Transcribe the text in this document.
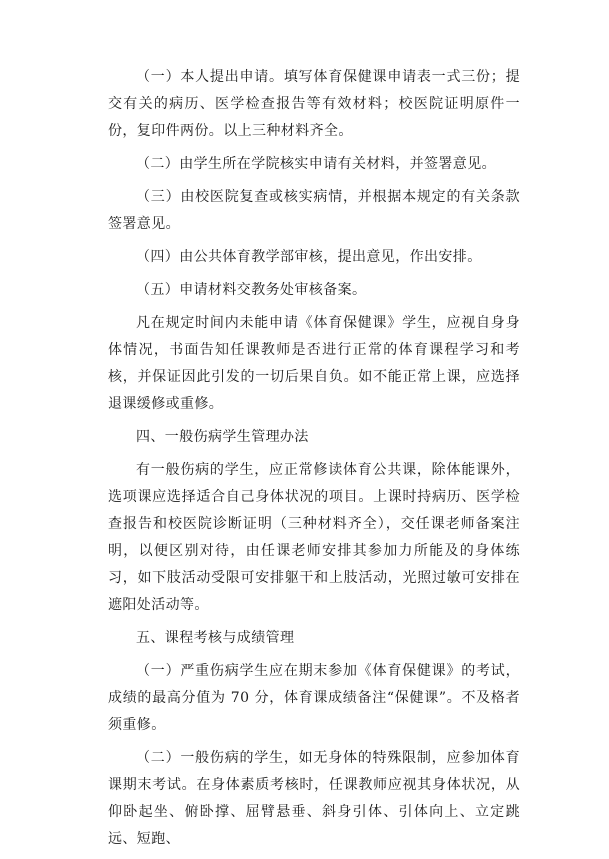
（一）本人提出申请。填写体育保健课申请表一式三份；提交有关的病历、医学检查报告等有效材料；校医院证明原件一份，复印件两份。以上三种材料齐全。

（二）由学生所在学院核实申请有关材料，并签署意见。

（三）由校医院复查或核实病情，并根据本规定的有关条款签署意见。

（四）由公共体育教学部审核，提出意见，作出安排。

（五）申请材料交教务处审核备案。

凡在规定时间内未能申请《体育保健课》学生，应视自身身体情况，书面告知任课教师是否进行正常的体育课程学习和考核，并保证因此引发的一切后果自负。如不能正常上课，应选择退课缓修或重修。

四、一般伤病学生管理办法

有一般伤病的学生，应正常修读体育公共课，除体能课外，选项课应选择适合自己身体状况的项目。上课时持病历、医学检查报告和校医院诊断证明（三种材料齐全），交任课老师备案注明，以便区别对待，由任课老师安排其参加力所能及的身体练习，如下肢活动受限可安排躯干和上肢活动，光照过敏可安排在遮阳处活动等。

五、课程考核与成绩管理

（一）严重伤病学生应在期末参加《体育保健课》的考试，成绩的最高分值为 70 分，体育课成绩备注“保健课”。不及格者须重修。

（二）一般伤病的学生，如无身体的特殊限制，应参加体育课期末考试。在身体素质考核时，任课教师应视其身体状况，从仰卧起坐、俯卧撑、屈臂悬垂、斜身引体、引体向上、立定跳远、短跑、
